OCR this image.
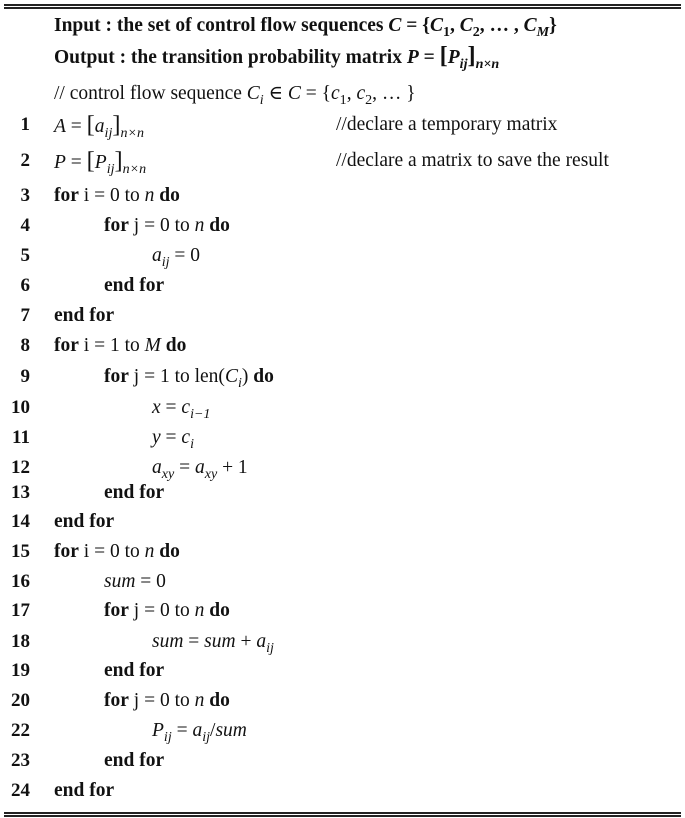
Input : the set of control flow sequences $C = \{C_1$, $C_2$, … , $C_M$}
Output : the transition probability matrix $P = [P_{ij}]_{n\times n}$
// control flow sequence $C_i$ ∈ $C = \{c_1$, $c_2$, … }
1 $A = [a_{ij}]_{n\times n}$	//declare a temporary matrix
2 $P = [P_{ij}]_{n\times n}$	//declare a matrix to save the result
3 for i = 0 to n do
4	for j = 0 to n do
5	$a_{ij} = 0$
6	end for
7 end for
8 for i = 1 to M do
9	for j = 1 to $len(C_i)$ do
10	$x = c_{i-1}$
11	$y = c_i$
12	$a_{xy} = a_{xy} + 1$
13	end for
14 end for
15 for i = 0 to n do
16	sum = 0
17	for j = 0 to n do
18	sum = sum + $a_{ij}$
19	end for
20	for j = 0 to n do
22	$P_{ij} = a_{ij}/sum$
23	end for
24 end for
